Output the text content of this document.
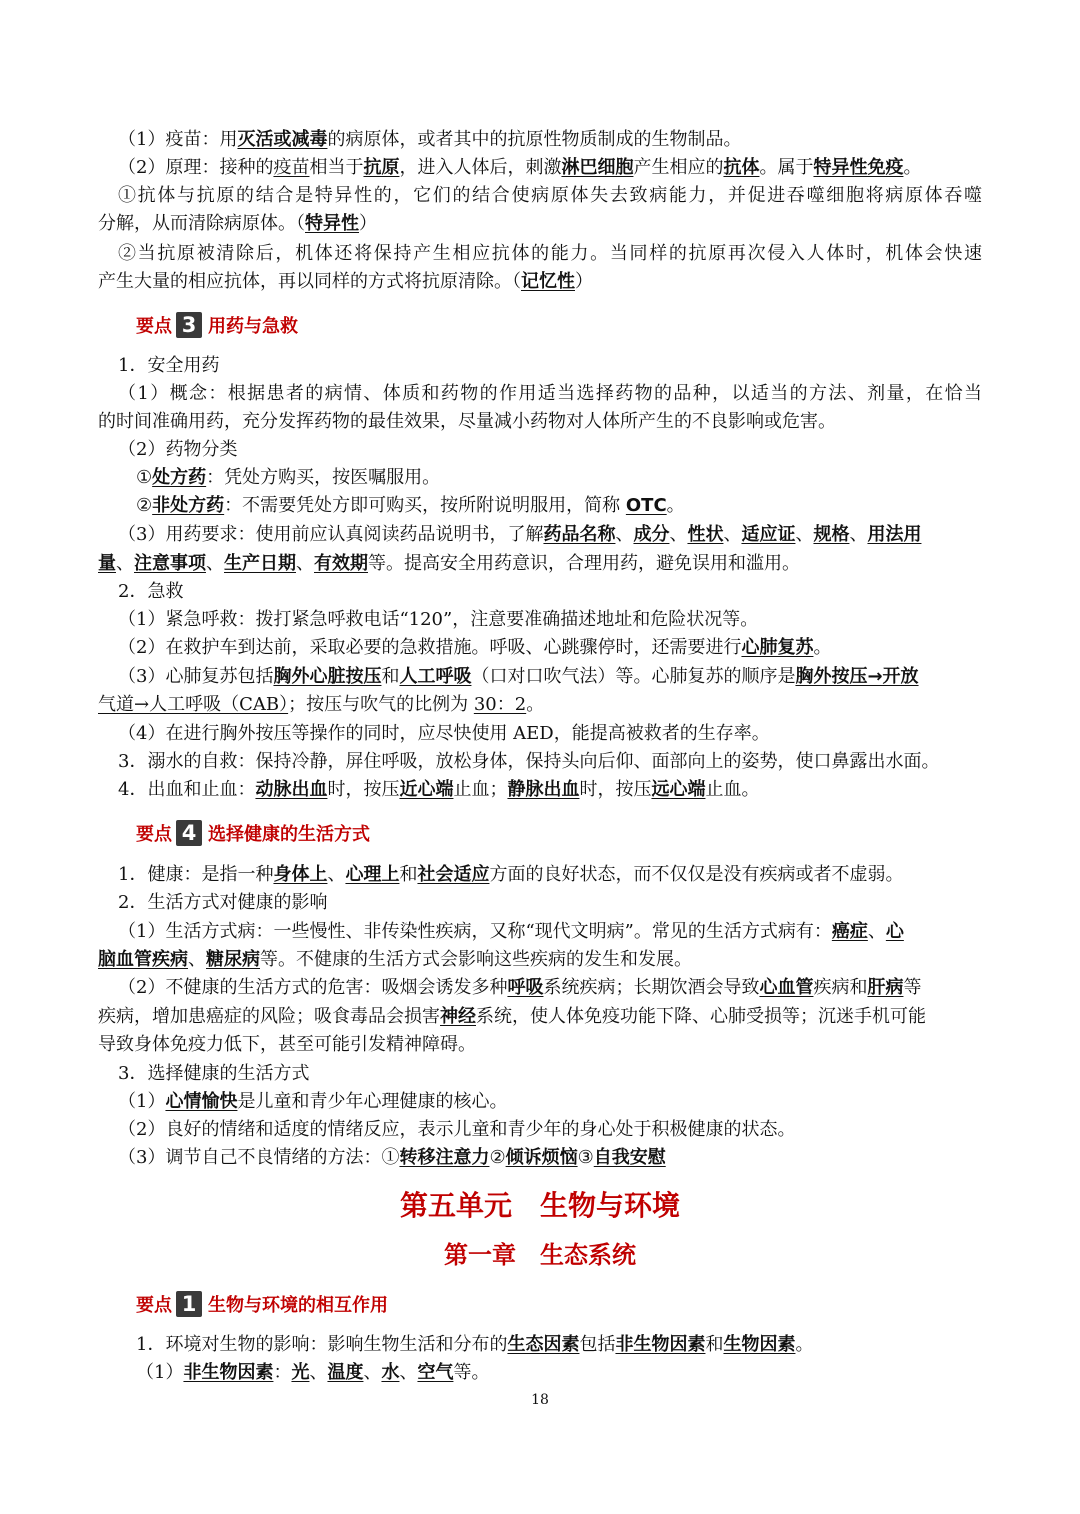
（1）疫苗：用灭活或减毒的病原体，或者其中的抗原性物质制成的生物制品。
（2）原理：接种的疫苗相当于抗原，进入人体后，刺激淋巴细胞产生相应的抗体。属于特异性免疫。
①抗体与抗原的结合是特异性的，它们的结合使病原体失去致病能力，并促进吞噬细胞将病原体吞噬
分解，从而清除病原体。（特异性）
②当抗原被清除后，机体还将保持产生相应抗体的能力。当同样的抗原再次侵入人体时，机体会快速
产生大量的相应抗体，再以同样的方式将抗原清除。（记忆性）
要点 3 用药与急救
1．安全用药
（1）概念：根据患者的病情、体质和药物的作用适当选择药物的品种，以适当的方法、剂量，在恰当
的时间准确用药，充分发挥药物的最佳效果，尽量减小药物对人体所产生的不良影响或危害。
（2）药物分类
①处方药：凭处方购买，按医嘱服用。
②非处方药：不需要凭处方即可购买，按所附说明服用，简称 OTC。
（3）用药要求：使用前应认真阅读药品说明书，了解药品名称、成分、性状、适应证、规格、用法用
量、注意事项、生产日期、有效期等。提高安全用药意识，合理用药，避免误用和滥用。
2．急救
（1）紧急呼救：拨打紧急呼救电话“120”，注意要准确描述地址和危险状况等。
（2）在救护车到达前，采取必要的急救措施。呼吸、心跳骤停时，还需要进行心肺复苏。
（3）心肺复苏包括胸外心脏按压和人工呼吸（口对口吹气法）等。心肺复苏的顺序是胸外按压→开放
气道→人工呼吸（CAB）；按压与吹气的比例为 30：2。
（4）在进行胸外按压等操作的同时，应尽快使用 AED，能提高被救者的生存率。
3．溺水的自救：保持冷静，屏住呼吸，放松身体，保持头向后仰、面部向上的姿势，使口鼻露出水面。
4．出血和止血：动脉出血时，按压近心端止血；静脉出血时，按压远心端止血。
要点 4 选择健康的生活方式
1．健康：是指一种身体上、心理上和社会适应方面的良好状态，而不仅仅是没有疾病或者不虚弱。
2．生活方式对健康的影响
（1）生活方式病：一些慢性、非传染性疾病，又称“现代文明病”。常见的生活方式病有：癌症、心
脑血管疾病、糖尿病等。不健康的生活方式会影响这些疾病的发生和发展。
（2）不健康的生活方式的危害：吸烟会诱发多种呼吸系统疾病；长期饮酒会导致心血管疾病和肝病等
疾病，增加患癌症的风险；吸食毒品会损害神经系统，使人体免疫功能下降、心肺受损等；沉迷手机可能
导致身体免疫力低下，甚至可能引发精神障碍。
3．选择健康的生活方式
（1）心情愉快是儿童和青少年心理健康的核心。
（2）良好的情绪和适度的情绪反应，表示儿童和青少年的身心处于积极健康的状态。
（3）调节自己不良情绪的方法：①转移注意力②倾诉烦恼③自我安慰
第五单元　生物与环境
第一章　生态系统
要点 1 生物与环境的相互作用
1．环境对生物的影响：影响生物生活和分布的生态因素包括非生物因素和生物因素。
（1）非生物因素：光、温度、水、空气等。
18
